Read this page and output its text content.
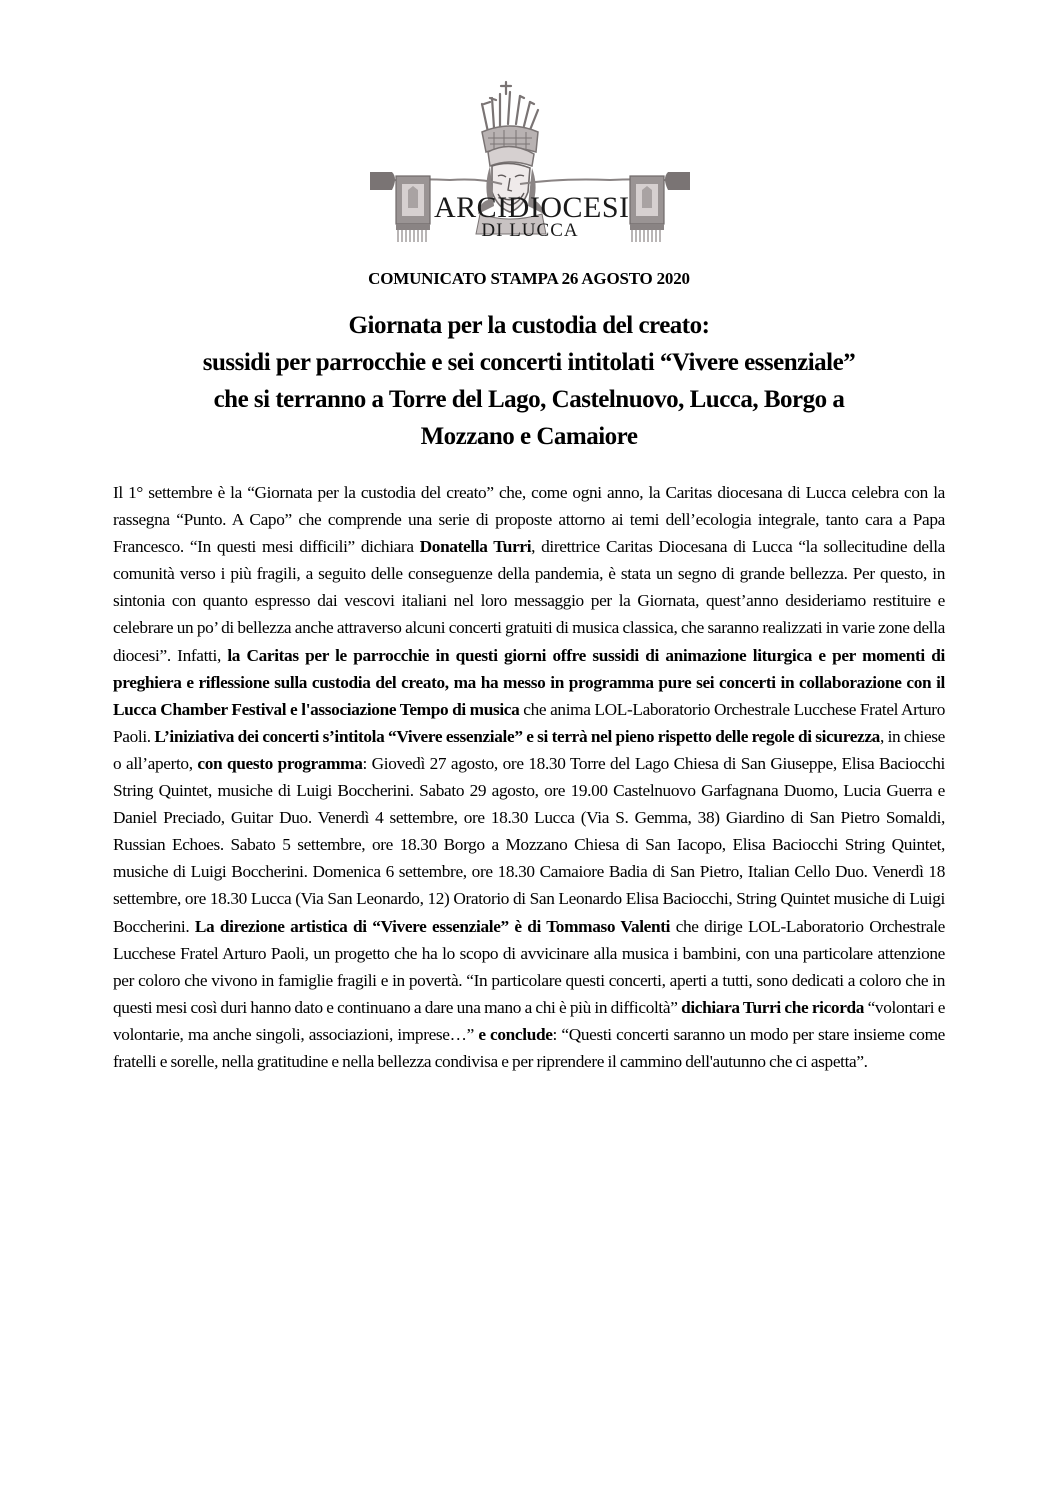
ARCIDIOCESI
DI LUCCA
COMUNICATO STAMPA 26 AGOSTO 2020
Giornata per la custodia del creato:
sussidi per parrocchie e sei concerti intitolati “Vivere essenziale”
che si terranno a Torre del Lago, Castelnuovo, Lucca, Borgo a
Mozzano e Camaiore
Il 1° settembre è la “Giornata per la custodia del creato” che, come ogni anno, la Caritas diocesana di Lucca celebra con la rassegna “Punto. A Capo” che comprende una serie di proposte attorno ai temi dell’ecologia integrale, tanto cara a Papa Francesco. “In questi mesi difficili” dichiara Donatella Turri, direttrice Caritas Diocesana di Lucca “la sollecitudine della comunità verso i più fragili, a seguito delle conseguenze della pandemia, è stata un segno di grande bellezza. Per questo, in sintonia con quanto espresso dai vescovi italiani nel loro messaggio per la Giornata, quest’anno desideriamo restituire e celebrare un po’ di bellezza anche attraverso alcuni concerti gratuiti di musica classica, che saranno realizzati in varie zone della diocesi”. Infatti, la Caritas per le parrocchie in questi giorni offre sussidi di animazione liturgica e per momenti di preghiera e riflessione sulla custodia del creato, ma ha messo in programma pure sei concerti in collaborazione con il Lucca Chamber Festival e l'associazione Tempo di musica che anima LOL-Laboratorio Orchestrale Lucchese Fratel Arturo Paoli. L’iniziativa dei concerti s’intitola “Vivere essenziale” e si terrà nel pieno rispetto delle regole di sicurezza, in chiese o all’aperto, con questo programma: Giovedì 27 agosto, ore 18.30 Torre del Lago Chiesa di San Giuseppe, Elisa Baciocchi String Quintet, musiche di Luigi Boccherini. Sabato 29 agosto, ore 19.00 Castelnuovo Garfagnana Duomo, Lucia Guerra e Daniel Preciado, Guitar Duo. Venerdì 4 settembre, ore 18.30 Lucca (Via S. Gemma, 38) Giardino di San Pietro Somaldi, Russian Echoes. Sabato 5 settembre, ore 18.30 Borgo a Mozzano Chiesa di San Iacopo, Elisa Baciocchi String Quintet, musiche di Luigi Boccherini. Domenica 6 settembre, ore 18.30 Camaiore Badia di San Pietro, Italian Cello Duo. Venerdì 18 settembre, ore 18.30 Lucca (Via San Leonardo, 12) Oratorio di San Leonardo Elisa Baciocchi, String Quintet musiche di Luigi Boccherini. La direzione artistica di “Vivere essenziale” è di Tommaso Valenti che dirige LOL-Laboratorio Orchestrale Lucchese Fratel Arturo Paoli, un progetto che ha lo scopo di avvicinare alla musica i bambini, con una particolare attenzione per coloro che vivono in famiglie fragili e in povertà. “In particolare questi concerti, aperti a tutti, sono dedicati a coloro che in questi mesi così duri hanno dato e continuano a dare una mano a chi è più in difficoltà” dichiara Turri che ricorda “volontari e volontarie, ma anche singoli, associazioni, imprese…” e conclude: “Questi concerti saranno un modo per stare insieme come fratelli e sorelle, nella gratitudine e nella bellezza condivisa e per riprendere il cammino dell'autunno che ci aspetta”.
